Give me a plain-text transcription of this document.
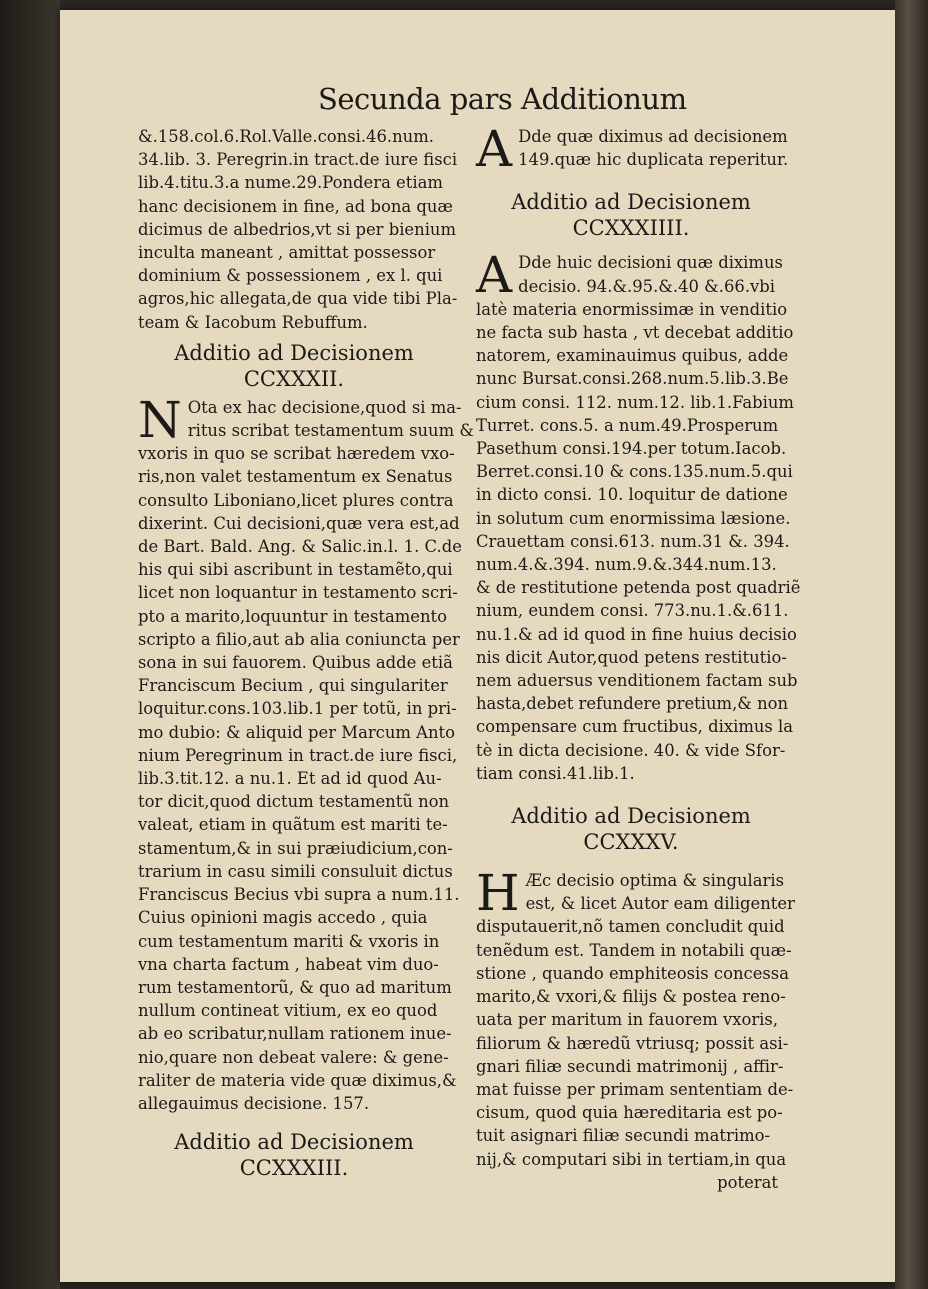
Secunda pars Additionum

&.158.col.6.Rol.Valle.consi.46.num.

34.lib. 3. Peregrin.in tract.de iure fisci

lib.4.titu.3.a nume.29.Pondera etiam

hanc decisionem in fine, ad bona quæ

dicimus de albedrios,vt si per bienium

inculta maneant , amittat possessor

dominium & possessionem , ex l. qui

agros,hic allegata,de qua vide tibi Pla-

team & Iacobum Rebuffum.

Additio ad Decisionem
CCXXXII.
N Ota ex hac decisione,quod si ma-

ritus scribat testamentum suum &

vxoris in quo se scribat hæredem vxo-

ris,non valet testamentum ex Senatus

consulto Liboniano,licet plures contra

dixerint. Cui decisioni,quæ vera est,ad

de Bart. Bald. Ang. & Salic.in.l. 1. C.de

his qui sibi ascribunt in testamẽto,qui

licet non loquantur in testamento scri-

pto a marito,loquuntur in testamento

scripto a filio,aut ab alia coniuncta per

sona in sui fauorem. Quibus adde etiã

Franciscum Becium , qui singulariter

loquitur.cons.103.lib.1 per totũ, in pri-

mo dubio: & aliquid per Marcum Anto

nium Peregrinum in tract.de iure fisci,

lib.3.tit.12. a nu.1. Et ad id quod Au-

tor dicit,quod dictum testamentũ non

valeat, etiam in quãtum est mariti te-

stamentum,& in sui præiudicium,con-

trarium in casu simili consuluit dictus

Franciscus Becius vbi supra a num.11.

Cuius opinioni magis accedo , quia

cum testamentum mariti & vxoris in

vna charta factum , habeat vim duo-

rum testamentorũ, & quo ad maritum

nullum contineat vitium, ex eo quod

ab eo scribatur,nullam rationem inue-

nio,quare non debeat valere: & gene-

raliter de materia vide quæ diximus,&

allegauimus decisione. 157.

Additio ad Decisionem
CCXXXIII.
A Dde quæ diximus ad decisionem

149.quæ hic duplicata reperitur.

Additio ad Decisionem
CCXXXIIII.
A Dde huic decisioni quæ diximus

decisio. 94.&.95.&.40 &.66.vbi

latè materia enormissimæ in venditio

ne facta sub hasta , vt decebat additio

natorem, examinauimus quibus, adde

nunc Bursat.consi.268.num.5.lib.3.Be

cium consi. 112. num.12. lib.1.Fabium

Turret. cons.5. a num.49.Prosperum

Pasethum consi.194.per totum.Iacob.

Berret.consi.10 & cons.135.num.5.qui

in dicto consi. 10. loquitur de datione

in solutum cum enormissima læsione.

Crauettam consi.613. num.31 &. 394.

num.4.&.394. num.9.&.344.num.13.

& de restitutione petenda post quadriẽ

nium, eundem consi. 773.nu.1.&.611.

nu.1.& ad id quod in fine huius decisio

nis dicit Autor,quod petens restitutio-

nem aduersus venditionem factam sub

hasta,debet refundere pretium,& non

compensare cum fructibus, diximus la

tè in dicta decisione. 40. & vide Sfor-

tiam consi.41.lib.1.

Additio ad Decisionem
CCXXXV.
H Æc decisio optima & singularis

est, & licet Autor eam diligenter

disputauerit,nõ tamen concludit quid

tenẽdum est. Tandem in notabili quæ-

stione , quando emphiteosis concessa

marito,& vxori,& filijs & postea reno-

uata per maritum in fauorem vxoris,

filiorum & hæredũ vtriusq; possit asi-

gnari filiæ secundi matrimonij , affir-

mat fuisse per primam sententiam de-

cisum, quod quia hæreditaria est po-

tuit asignari filiæ secundi matrimo-

nij,& computari sibi in tertiam,in qua

poterat
